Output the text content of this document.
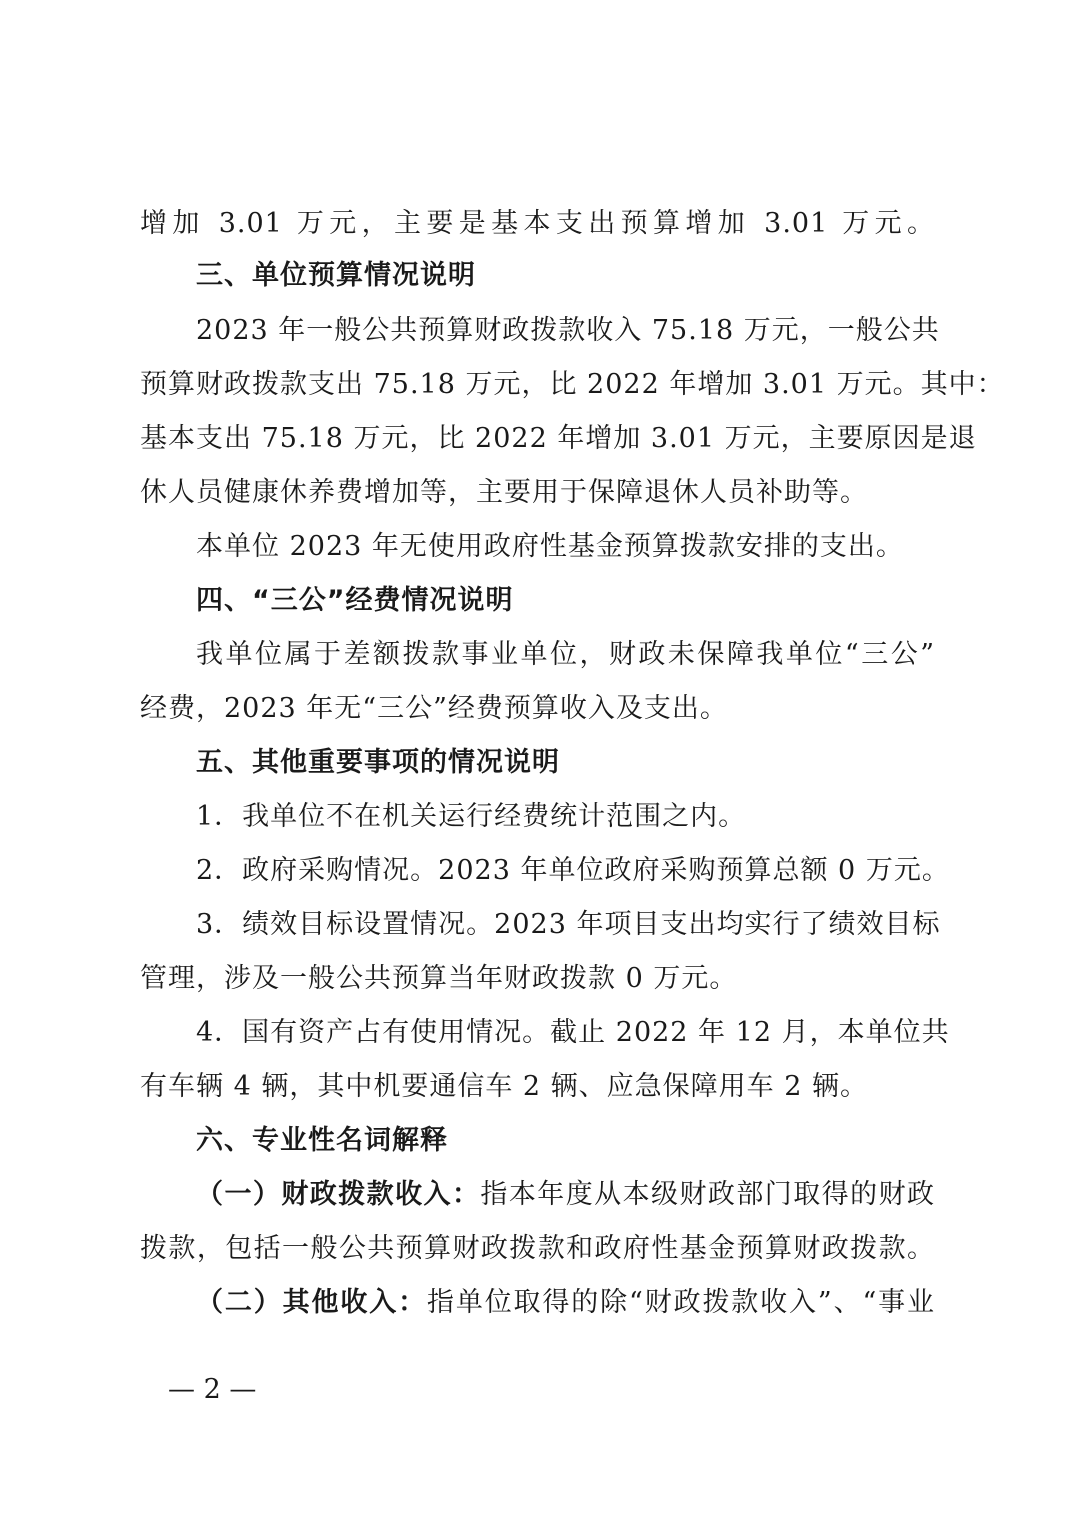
增加 3.01 万元，主要是基本支出预算增加 3.01 万元。
三、单位预算情况说明
2023 年一般公共预算财政拨款收入 75.18 万元，一般公共
预算财政拨款支出 75.18 万元，比 2022 年增加 3.01 万元。其中：
基本支出 75.18 万元，比 2022 年增加 3.01 万元，主要原因是退
休人员健康休养费增加等，主要用于保障退休人员补助等。
本单位 2023 年无使用政府性基金预算拨款安排的支出。
四、“三公”经费情况说明
我单位属于差额拨款事业单位，财政未保障我单位“三公”
经费，2023 年无“三公”经费预算收入及支出。
五、其他重要事项的情况说明
1．我单位不在机关运行经费统计范围之内。
2．政府采购情况。2023 年单位政府采购预算总额 0 万元。
3．绩效目标设置情况。2023 年项目支出均实行了绩效目标
管理，涉及一般公共预算当年财政拨款 0 万元。
4．国有资产占有使用情况。截止 2022 年 12 月，本单位共
有车辆 4 辆，其中机要通信车 2 辆、应急保障用车 2 辆。
六、专业性名词解释
（一）财政拨款收入：指本年度从本级财政部门取得的财政
拨款，包括一般公共预算财政拨款和政府性基金预算财政拨款。
（二）其他收入：指单位取得的除“财政拨款收入”、“事业
— 2 —
